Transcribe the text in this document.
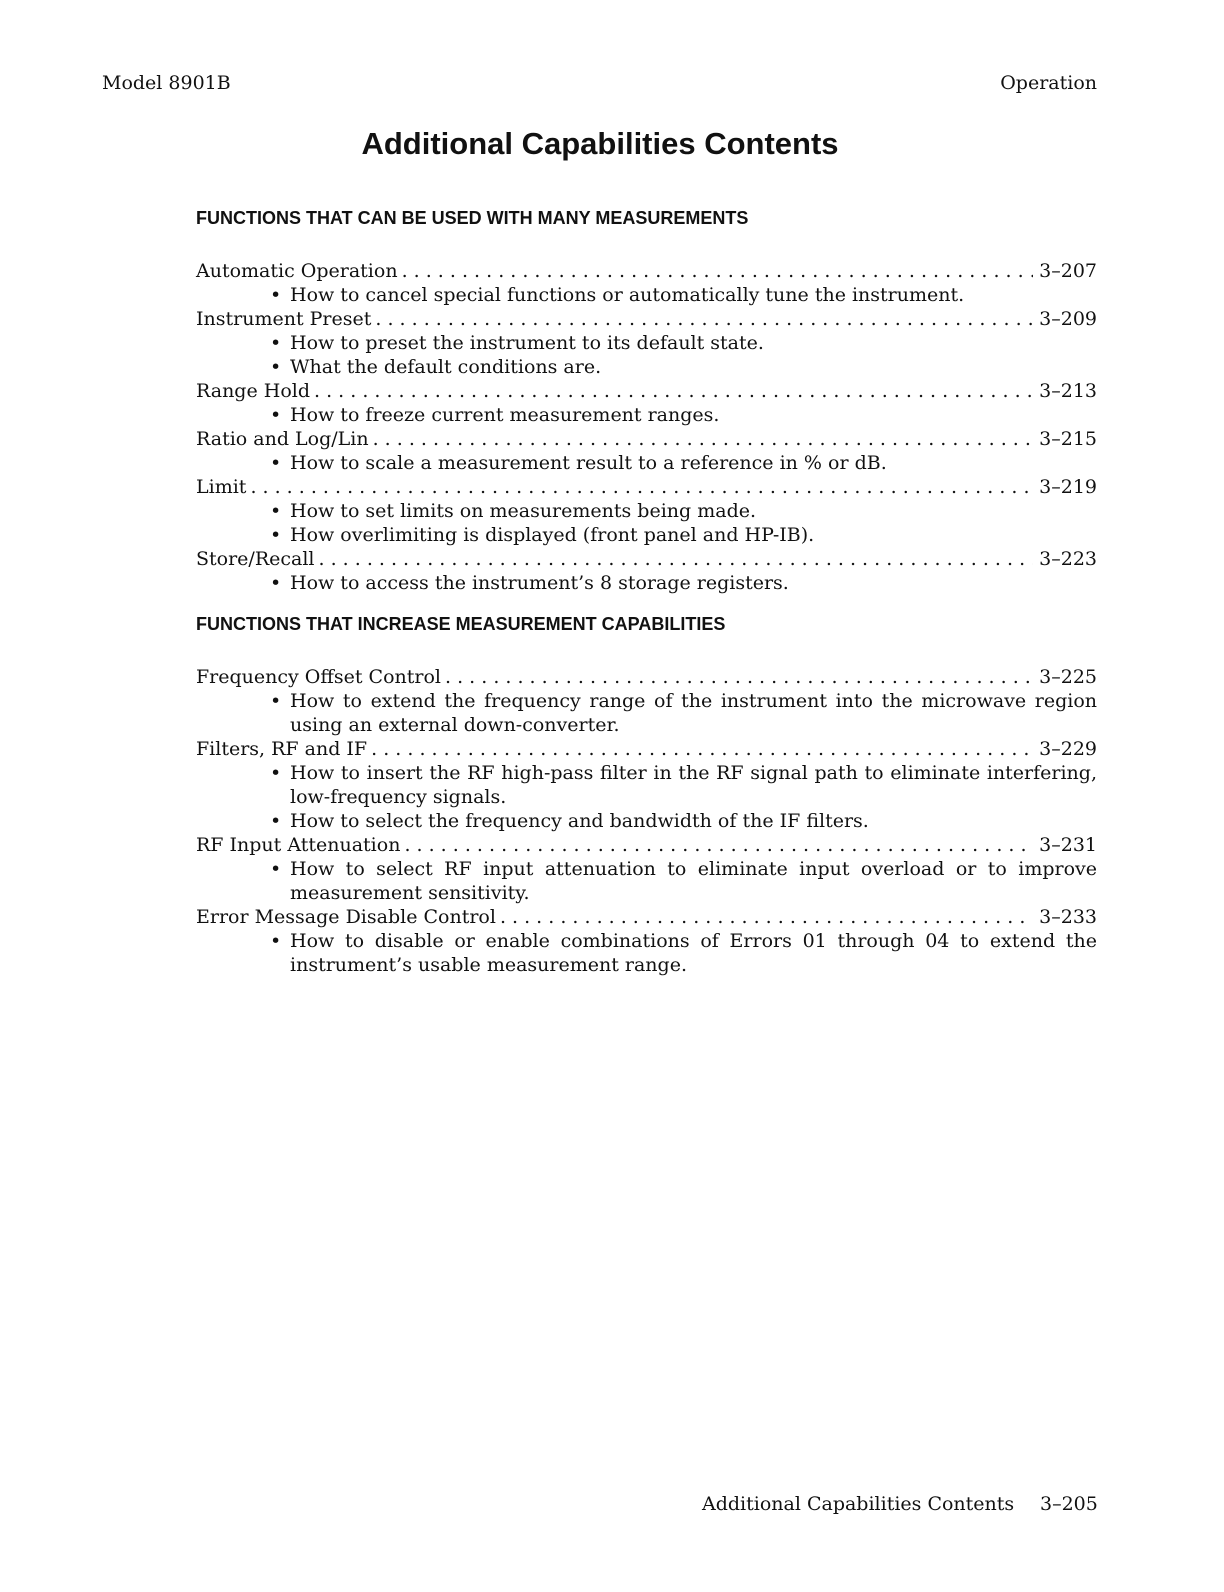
Model 8901B	Operation
Additional Capabilities Contents
FUNCTIONS THAT CAN BE USED WITH MANY MEASUREMENTS
Automatic Operation . . .	3–207
• How to cancel special functions or automatically tune the instrument.
Instrument Preset . . .	3–209
• How to preset the instrument to its default state.
• What the default conditions are.
Range Hold . . .	3–213
• How to freeze current measurement ranges.
Ratio and Log/Lin . . .	3–215
• How to scale a measurement result to a reference in % or dB.
Limit . . .	3–219
• How to set limits on measurements being made.
• How overlimiting is displayed (front panel and HP-IB).
Store/Recall . . .	3–223
• How to access the instrument’s 8 storage registers.
FUNCTIONS THAT INCREASE MEASUREMENT CAPABILITIES
Frequency Offset Control . . .	3–225
• How to extend the frequency range of the instrument into the microwave region using an external down-converter.
Filters, RF and IF . . .	3–229
• How to insert the RF high-pass filter in the RF signal path to eliminate interfering, low-frequency signals.
• How to select the frequency and bandwidth of the IF filters.
RF Input Attenuation . . .	3–231
• How to select RF input attenuation to eliminate input overload or to improve measurement sensitivity.
Error Message Disable Control . . .	3–233
• How to disable or enable combinations of Errors 01 through 04 to extend the instrument’s usable measurement range.
Additional Capabilities Contents 3–205
